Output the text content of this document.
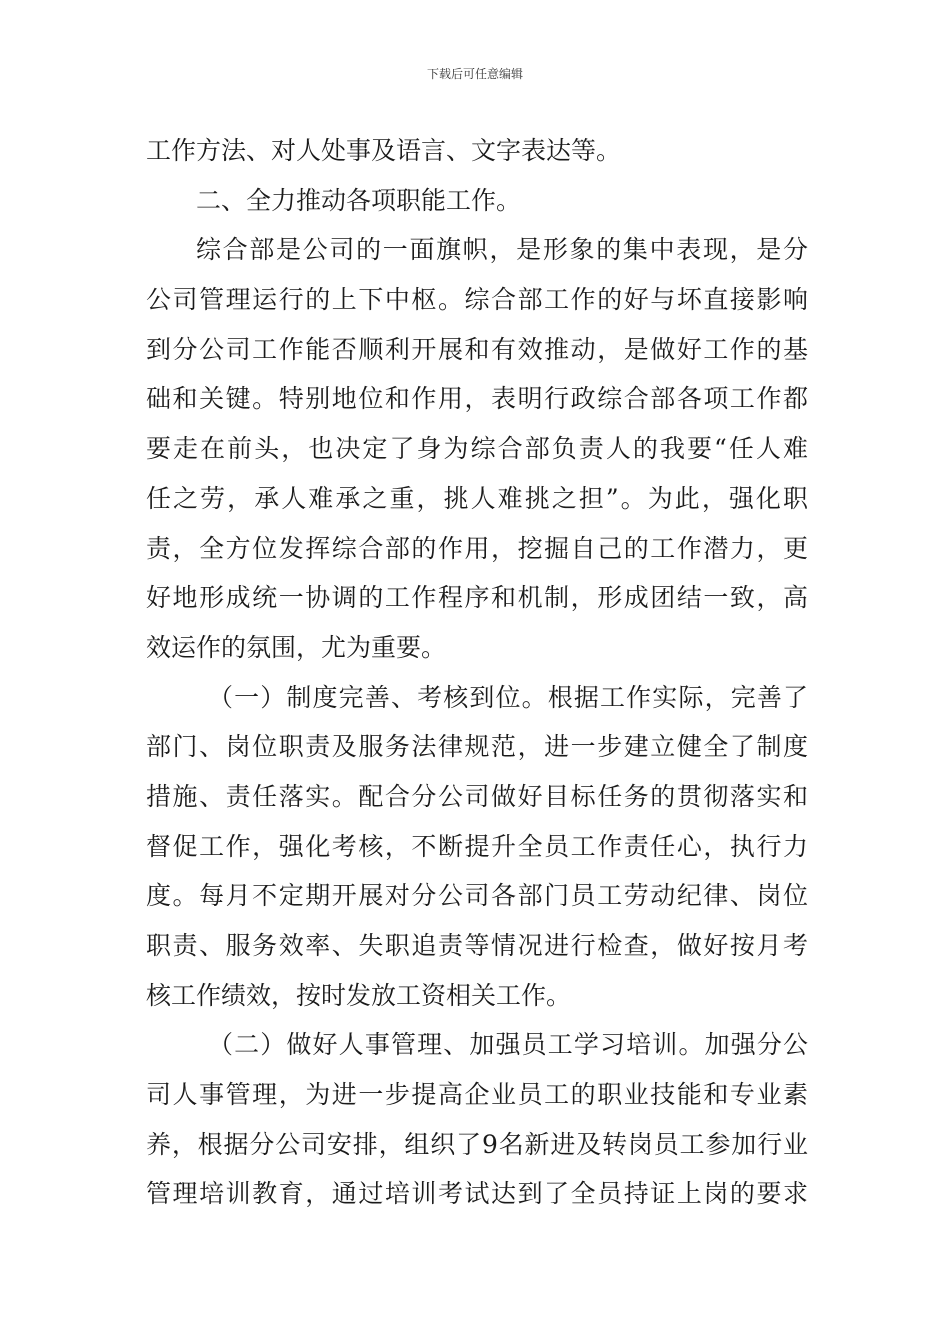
下载后可任意编辑
工作方法、对人处事及语言、文字表达等。
二、全力推动各项职能工作。
综合部是公司的一面旗帜，是形象的集中表现，是分
公司管理运行的上下中枢。综合部工作的好与坏直接影响
到分公司工作能否顺利开展和有效推动，是做好工作的基
础和关键。特别地位和作用，表明行政综合部各项工作都
要走在前头，也决定了身为综合部负责人的我要“任人难
任之劳，承人难承之重，挑人难挑之担”。为此，强化职
责，全方位发挥综合部的作用，挖掘自己的工作潜力，更
好地形成统一协调的工作程序和机制，形成团结一致，高
效运作的氛围，尤为重要。
（一）制度完善、考核到位。根据工作实际，完善了
部门、岗位职责及服务法律规范，进一步建立健全了制度
措施、责任落实。配合分公司做好目标任务的贯彻落实和
督促工作，强化考核，不断提升全员工作责任心，执行力
度。每月不定期开展对分公司各部门员工劳动纪律、岗位
职责、服务效率、失职追责等情况进行检查，做好按月考
核工作绩效，按时发放工资相关工作。
（二）做好人事管理、加强员工学习培训。加强分公
司人事管理，为进一步提高企业员工的职业技能和专业素
养，根据分公司安排，组织了9名新进及转岗员工参加行业
管理培训教育，通过培训考试达到了全员持证上岗的要求
